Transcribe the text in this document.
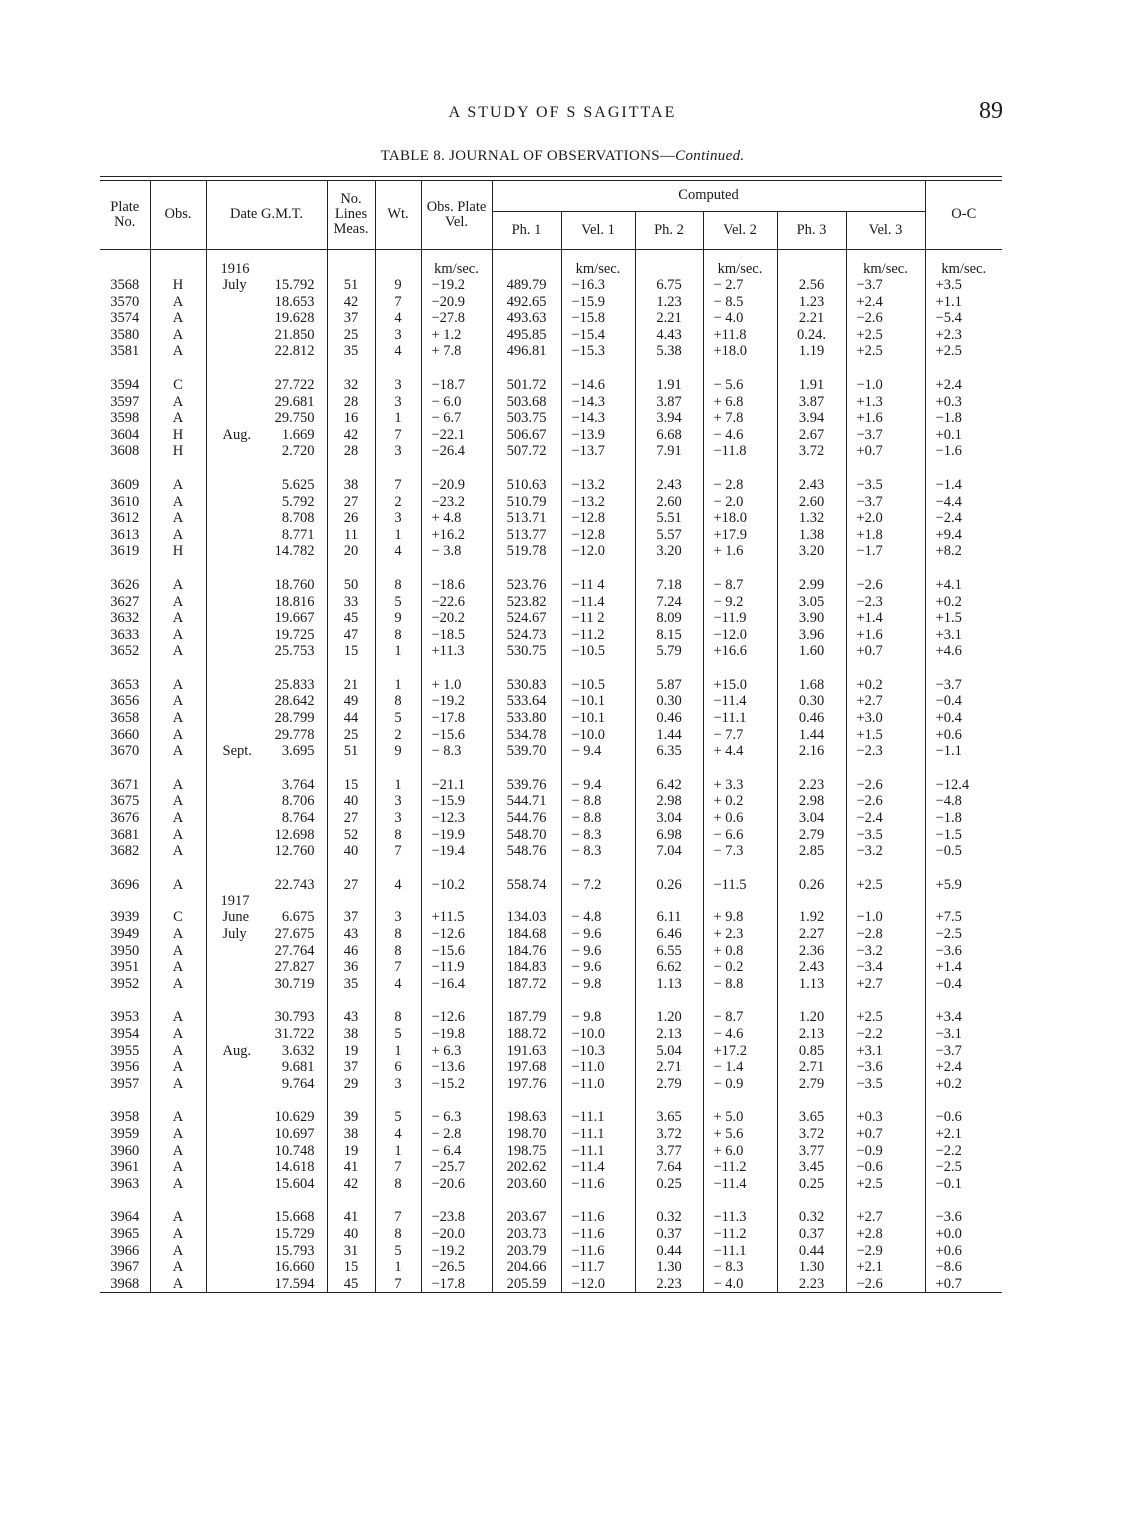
A STUDY OF S SAGITTAE	89
TABLE 8. JOURNAL OF OBSERVATIONS—Continued.
Plate No.	Obs.	Date G.M.T.	No. Lines Meas.	Wt.	Obs. Plate Vel.	Computed						O-C
						Ph. 1	Vel. 1	Ph. 2	Vel. 2	Ph. 3	Vel. 3	

		1916			km/sec.		km/sec.		km/sec.		km/sec.	km/sec.
3568	H	July 15.792	51	9	−19.2	489.79	−16.3	6.75	− 2.7	2.56	−3.7	+3.5
3570	A	18.653	42	7	−20.9	492.65	−15.9	1.23	− 8.5	1.23	+2.4	+1.1
3574	A	19.628	37	4	−27.8	493.63	−15.8	2.21	− 4.0	2.21	−2.6	−5.4
3580	A	21.850	25	3	+ 1.2	495.85	−15.4	4.43	+11.8	0.24.	+2.5	+2.3
3581	A	22.812	35	4	+ 7.8	496.81	−15.3	5.38	+18.0	1.19	+2.5	+2.5

3594	C	27.722	32	3	−18.7	501.72	−14.6	1.91	− 5.6	1.91	−1.0	+2.4
3597	A	29.681	28	3	− 6.0	503.68	−14.3	3.87	+ 6.8	3.87	+1.3	+0.3
3598	A	29.750	16	1	− 6.7	503.75	−14.3	3.94	+ 7.8	3.94	+1.6	−1.8
3604	H	Aug. 1.669	42	7	−22.1	506.67	−13.9	6.68	− 4.6	2.67	−3.7	+0.1
3608	H	2.720	28	3	−26.4	507.72	−13.7	7.91	−11.8	3.72	+0.7	−1.6

3609	A	5.625	38	7	−20.9	510.63	−13.2	2.43	− 2.8	2.43	−3.5	−1.4
3610	A	5.792	27	2	−23.2	510.79	−13.2	2.60	− 2.0	2.60	−3.7	−4.4
3612	A	8.708	26	3	+ 4.8	513.71	−12.8	5.51	+18.0	1.32	+2.0	−2.4
3613	A	8.771	11	1	+16.2	513.77	−12.8	5.57	+17.9	1.38	+1.8	+9.4
3619	H	14.782	20	4	− 3.8	519.78	−12.0	3.20	+ 1.6	3.20	−1.7	+8.2

3626	A	18.760	50	8	−18.6	523.76	−11 4	7.18	− 8.7	2.99	−2.6	+4.1
3627	A	18.816	33	5	−22.6	523.82	−11.4	7.24	− 9.2	3.05	−2.3	+0.2
3632	A	19.667	45	9	−20.2	524.67	−11 2	8.09	−11.9	3.90	+1.4	+1.5
3633	A	19.725	47	8	−18.5	524.73	−11.2	8.15	−12.0	3.96	+1.6	+3.1
3652	A	25.753	15	1	+11.3	530.75	−10.5	5.79	+16.6	1.60	+0.7	+4.6

3653	A	25.833	21	1	+ 1.0	530.83	−10.5	5.87	+15.0	1.68	+0.2	−3.7
3656	A	28.642	49	8	−19.2	533.64	−10.1	0.30	−11.4	0.30	+2.7	−0.4
3658	A	28.799	44	5	−17.8	533.80	−10.1	0.46	−11.1	0.46	+3.0	+0.4
3660	A	29.778	25	2	−15.6	534.78	−10.0	1.44	− 7.7	1.44	+1.5	+0.6
3670	A	Sept. 3.695	51	9	− 8.3	539.70	− 9.4	6.35	+ 4.4	2.16	−2.3	−1.1

3671	A	3.764	15	1	−21.1	539.76	− 9.4	6.42	+ 3.3	2.23	−2.6	−12.4
3675	A	8.706	40	3	−15.9	544.71	− 8.8	2.98	+ 0.2	2.98	−2.6	−4.8
3676	A	8.764	27	3	−12.3	544.76	− 8.8	3.04	+ 0.6	3.04	−2.4	−1.8
3681	A	12.698	52	8	−19.9	548.70	− 8.3	6.98	− 6.6	2.79	−3.5	−1.5
3682	A	12.760	40	7	−19.4	548.76	− 8.3	7.04	− 7.3	2.85	−3.2	−0.5

3696	A	22.743	27	4	−10.2	558.74	− 7.2	0.26	−11.5	0.26	+2.5	+5.9
		1917										
3939	C	June 6.675	37	3	+11.5	134.03	− 4.8	6.11	+ 9.8	1.92	−1.0	+7.5
3949	A	July 27.675	43	8	−12.6	184.68	− 9.6	6.46	+ 2.3	2.27	−2.8	−2.5
3950	A	27.764	46	8	−15.6	184.76	− 9.6	6.55	+ 0.8	2.36	−3.2	−3.6
3951	A	27.827	36	7	−11.9	184.83	− 9.6	6.62	− 0.2	2.43	−3.4	+1.4
3952	A	30.719	35	4	−16.4	187.72	− 9.8	1.13	− 8.8	1.13	+2.7	−0.4

3953	A	30.793	43	8	−12.6	187.79	− 9.8	1.20	− 8.7	1.20	+2.5	+3.4
3954	A	31.722	38	5	−19.8	188.72	−10.0	2.13	− 4.6	2.13	−2.2	−3.1
3955	A	Aug. 3.632	19	1	+ 6.3	191.63	−10.3	5.04	+17.2	0.85	+3.1	−3.7
3956	A	9.681	37	6	−13.6	197.68	−11.0	2.71	− 1.4	2.71	−3.6	+2.4
3957	A	9.764	29	3	−15.2	197.76	−11.0	2.79	− 0.9	2.79	−3.5	+0.2

3958	A	10.629	39	5	− 6.3	198.63	−11.1	3.65	+ 5.0	3.65	+0.3	−0.6
3959	A	10.697	38	4	− 2.8	198.70	−11.1	3.72	+ 5.6	3.72	+0.7	+2.1
3960	A	10.748	19	1	− 6.4	198.75	−11.1	3.77	+ 6.0	3.77	−0.9	−2.2
3961	A	14.618	41	7	−25.7	202.62	−11.4	7.64	−11.2	3.45	−0.6	−2.5
3963	A	15.604	42	8	−20.6	203.60	−11.6	0.25	−11.4	0.25	+2.5	−0.1

3964	A	15.668	41	7	−23.8	203.67	−11.6	0.32	−11.3	0.32	+2.7	−3.6
3965	A	15.729	40	8	−20.0	203.73	−11.6	0.37	−11.2	0.37	+2.8	+0.0
3966	A	15.793	31	5	−19.2	203.79	−11.6	0.44	−11.1	0.44	−2.9	+0.6
3967	A	16.660	15	1	−26.5	204.66	−11.7	1.30	− 8.3	1.30	+2.1	−8.6
3968	A	17.594	45	7	−17.8	205.59	−12.0	2.23	− 4.0	2.23	−2.6	+0.7
